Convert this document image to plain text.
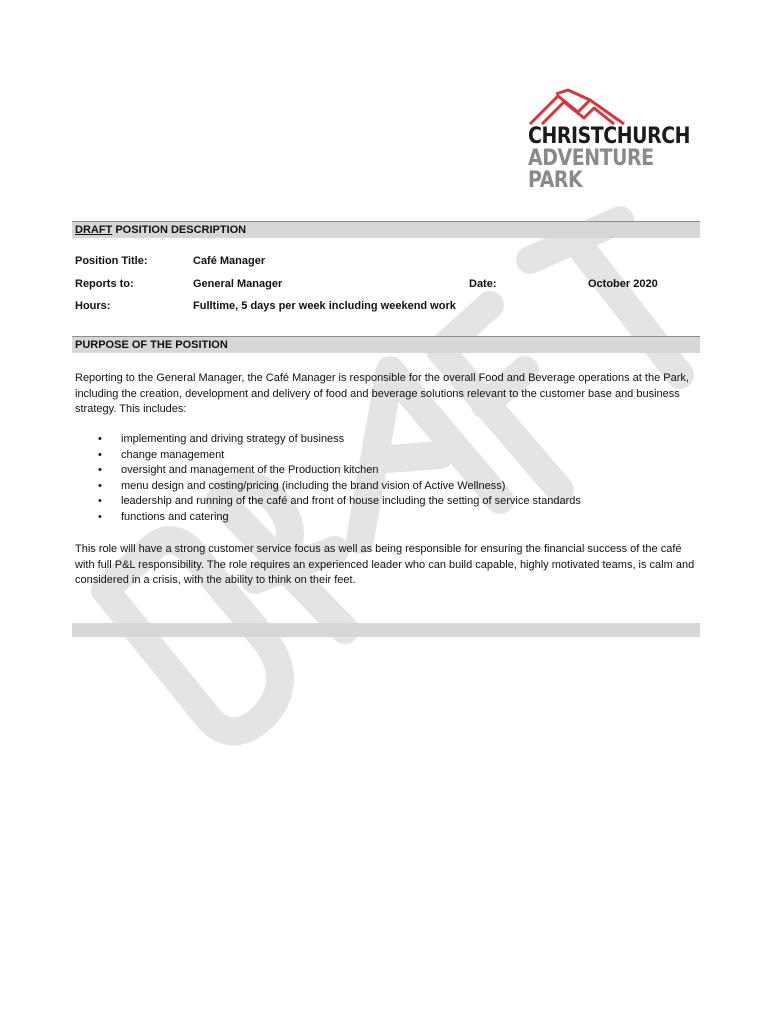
CHRISTCHURCH
ADVENTURE
PARK
DRAFT POSITION DESCRIPTION
Position Title:	Café Manager
Reports to:	General Manager	Date:	October 2020
Hours:	Fulltime, 5 days per week including weekend work
PURPOSE OF THE POSITION

Reporting to the General Manager, the Café Manager is responsible for the overall Food and Beverage operations at the Park, including the creation, development and delivery of food and beverage solutions relevant to the customer base and business strategy. This includes:

• implementing and driving strategy of business
• change management
• oversight and management of the Production kitchen
• menu design and costing/pricing (including the brand vision of Active Wellness)
• leadership and running of the café and front of house including the setting of service standards
• functions and catering

This role will have a strong customer service focus as well as being responsible for ensuring the financial success of the café with full P&L responsibility. The role requires an experienced leader who can build capable, highly motivated teams, is calm and considered in a crisis, with the ability to think on their feet.
